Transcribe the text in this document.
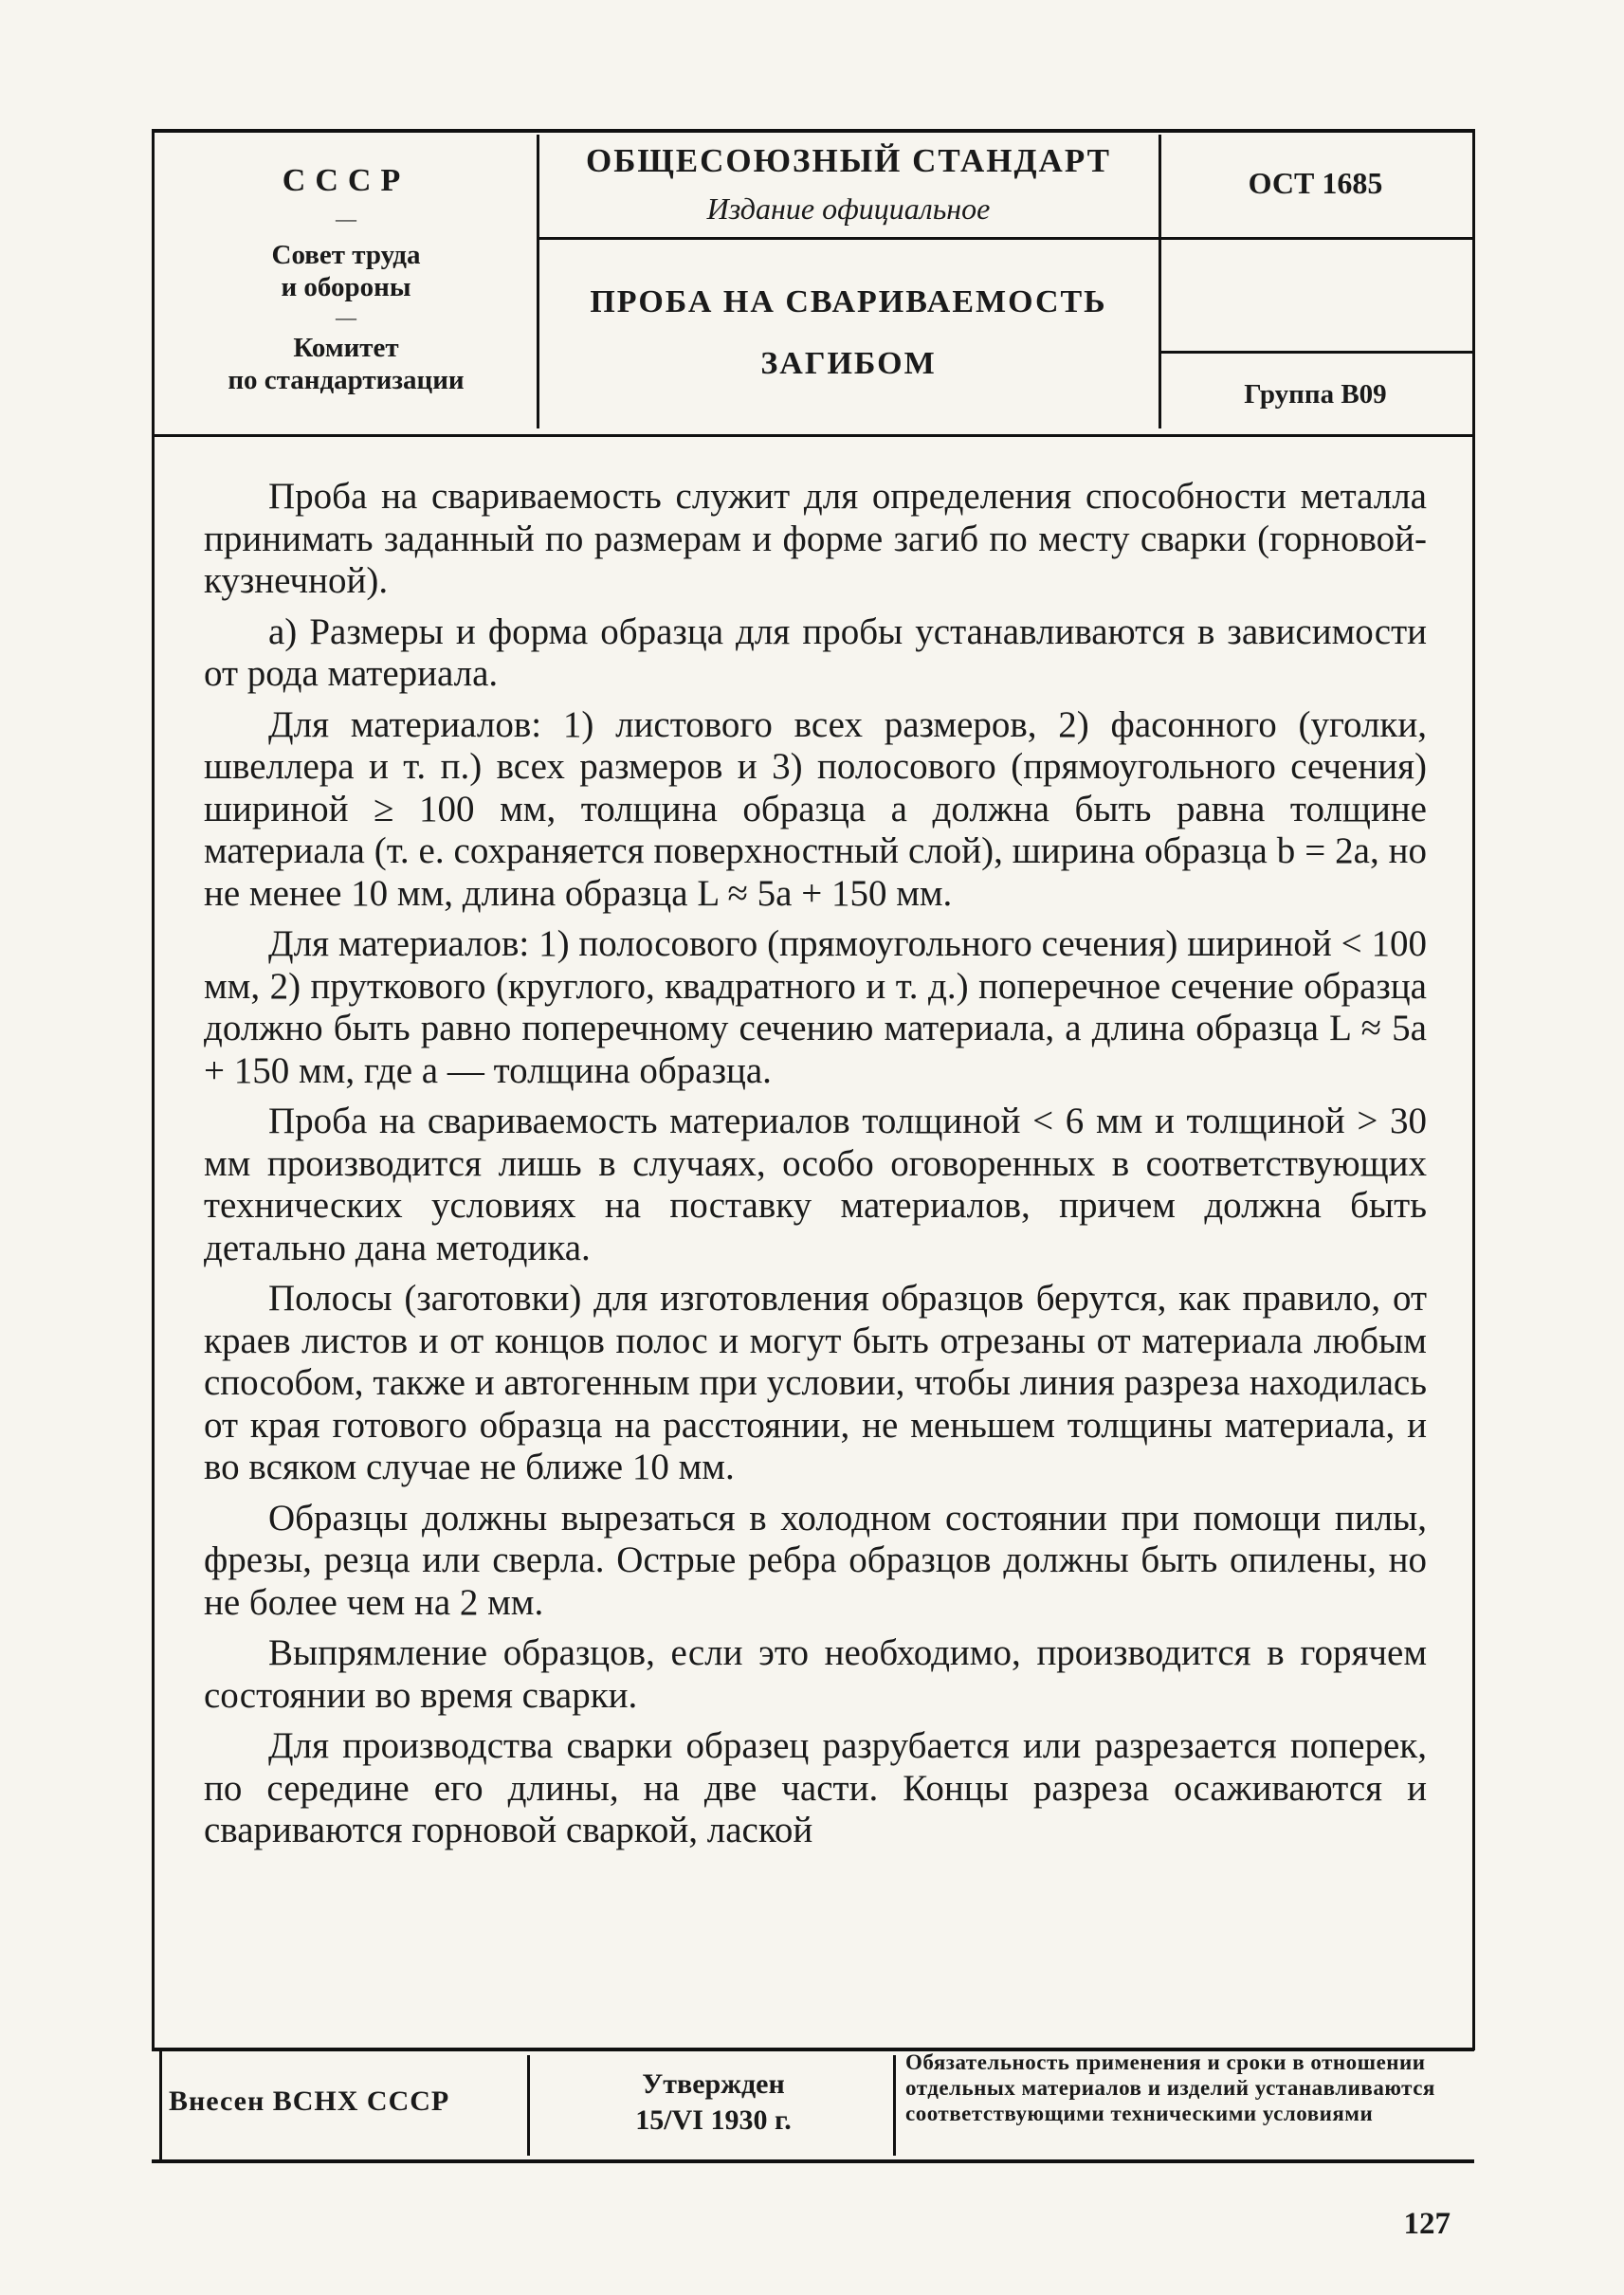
СССР
—
Совет труда
и обороны
—
Комитет
по стандартизации
ОБЩЕСОЮЗНЫЙ СТАНДАРТ
Издание официальное
ПРОБА НА СВАРИВАЕМОСТЬ
ЗАГИБОМ
ОСТ 1685
Группа В09

Проба на свариваемость служит для определения способности металла принимать заданный по размерам и форме загиб по месту сварки (горновой-кузнечной).

а) Размеры и форма образца для пробы устанавливаются в зависимости от рода материала.

Для материалов: 1) листового всех размеров, 2) фасонного (уголки, швеллера и т. п.) всех размеров и 3) полосового (прямоугольного сечения) шириной ≥ 100 мм, толщина образца a должна быть равна толщине материала (т. е. сохраняется поверхностный слой), ширина образца b = 2a, но не менее 10 мм, длина образца L ≈ 5a + 150 мм.

Для материалов: 1) полосового (прямоугольного сечения) шириной < 100 мм, 2) пруткового (круглого, квадратного и т. д.) поперечное сечение образца должно быть равно поперечному сечению материала, а длина образца L ≈ 5a + 150 мм, где a — толщина образца.

Проба на свариваемость материалов толщиной < 6 мм и толщиной > 30 мм производится лишь в случаях, особо оговоренных в соответствующих технических условиях на поставку материалов, причем должна быть детально дана методика.

Полосы (заготовки) для изготовления образцов берутся, как правило, от краев листов и от концов полос и могут быть отрезаны от материала любым способом, также и автогенным при условии, чтобы линия разреза находилась от края готового образца на расстоянии, не меньшем толщины материала, и во всяком случае не ближе 10 мм.

Образцы должны вырезаться в холодном состоянии при помощи пилы, фрезы, резца или сверла. Острые ребра образцов должны быть опилены, но не более чем на 2 мм.

Выпрямление образцов, если это необходимо, производится в горячем состоянии во время сварки.

Для производства сварки образец разрубается или разрезается поперек, по середине его длины, на две части. Концы разреза осаживаются и свариваются горновой сваркой, лаской

Внесен ВСНХ СССР
Утвержден
15/VI 1930 г.
Обязательность применения и сроки в отношении отдельных материалов и изделий устанавливаются соответствующими техническими условиями
127
